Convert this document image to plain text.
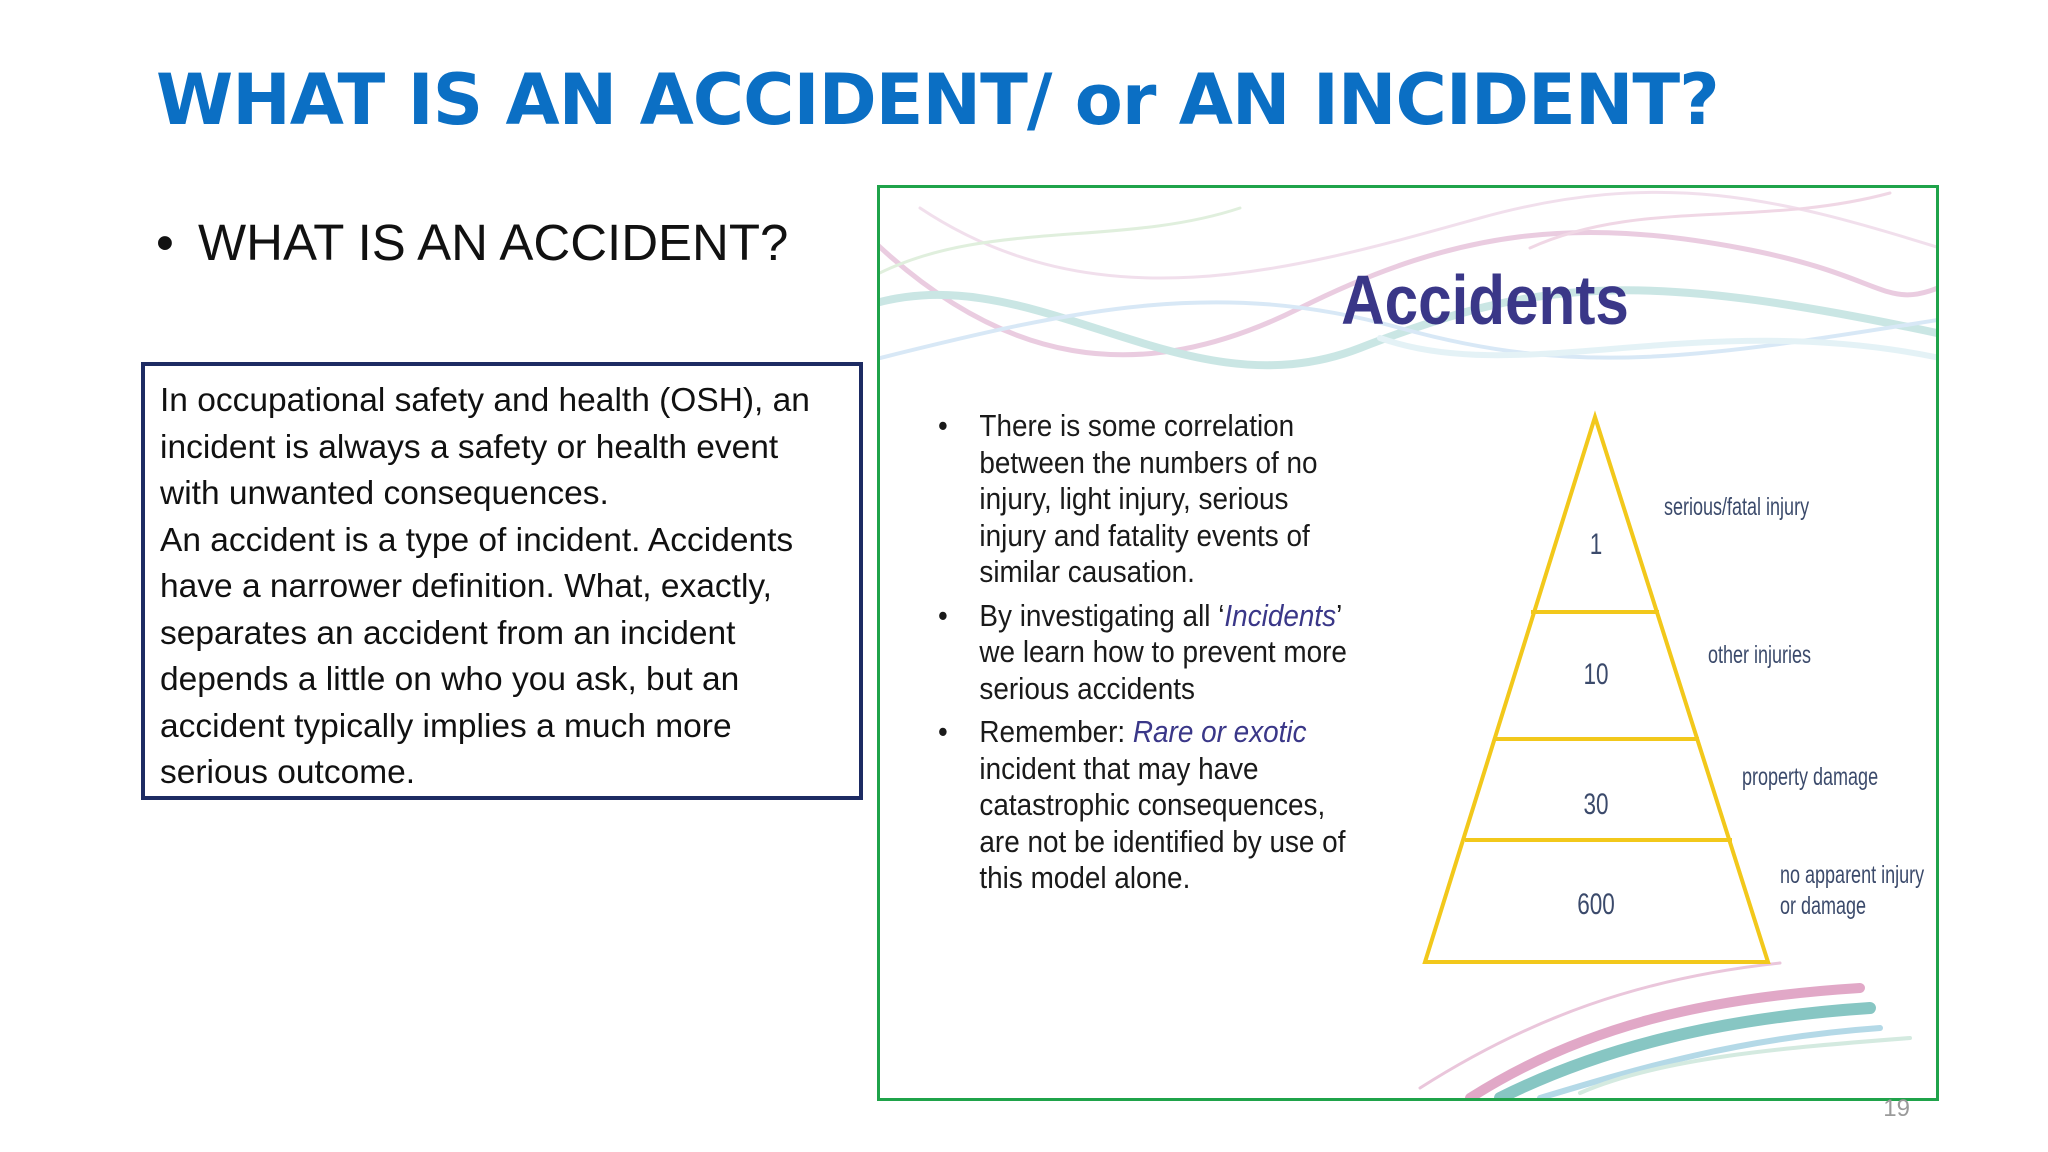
WHAT IS AN ACCIDENT/ or AN INCIDENT?
• WHAT IS AN ACCIDENT?

In occupational safety and health (OSH), an incident is always a safety or health event with unwanted consequences.

An accident is a type of incident. Accidents have a narrower definition. What, exactly, separates an accident from an incident depends a little on who you ask, but an accident typically implies a much more serious outcome.

Accidents
• There is some correlation between the numbers of no injury, light injury, serious injury and fatality events of similar causation.
• By investigating all ‘Incidents’ we learn how to prevent more serious accidents
• Remember: Rare or exotic incident that may have catastrophic consequences, are not be identified by use of this model alone.
1
10
30
600
serious/fatal injury
other injuries
property damage
no apparent injury
or damage
19
